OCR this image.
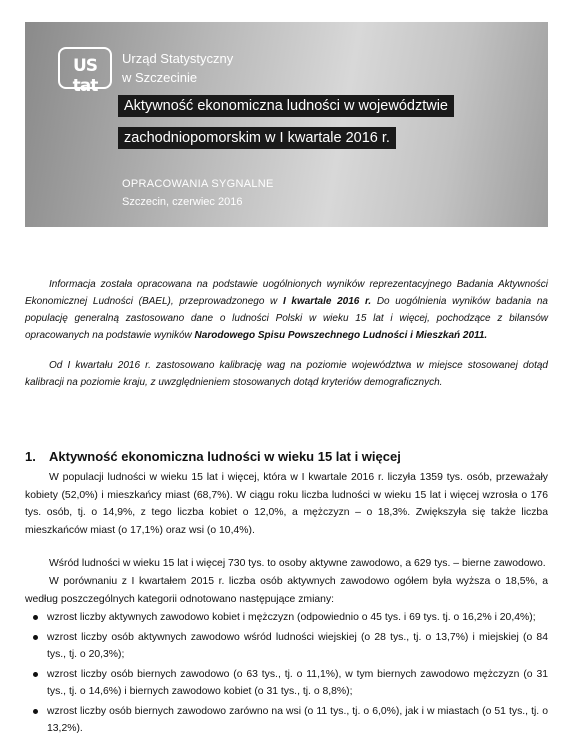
US tat
Urząd Statystyczny
w Szczecinie
Aktywność ekonomiczna ludności w województwie
zachodniopomorskim w I kwartale 2016 r.
OPRACOWANIA SYGNALNE
Szczecin, czerwiec 2016
Informacja została opracowana na podstawie uogólnionych wyników reprezentacyjnego Badania Aktywności Ekonomicznej Ludności (BAEL), przeprowadzonego w I kwartale 2016 r. Do uogólnienia wyników badania na populację generalną zastosowano dane o ludności Polski w wieku 15 lat i więcej, pochodzące z bilansów opracowanych na podstawie wyników Narodowego Spisu Powszechnego Ludności i Mieszkań 2011.
Od I kwartału 2016 r. zastosowano kalibrację wag na poziomie województwa w miejsce stosowanej dotąd kalibracji na poziomie kraju, z uwzględnieniem stosowanych dotąd kryteriów demograficznych.
1. Aktywność ekonomiczna ludności w wieku 15 lat i więcej
W populacji ludności w wieku 15 lat i więcej, która w I kwartale 2016 r. liczyła 1359 tys. osób, przeważały kobiety (52,0%) i mieszkańcy miast (68,7%). W ciągu roku liczba ludności w wieku 15 lat i więcej wzrosła o 176 tys. osób, tj. o 14,9%, z tego liczba kobiet o 12,0%, a mężczyzn – o 18,3%. Zwiększyła się także liczba mieszkańców miast (o 17,1%) oraz wsi (o 10,4%).
Wśród ludności w wieku 15 lat i więcej 730 tys. to osoby aktywne zawodowo, a 629 tys. – bierne zawodowo.
W porównaniu z I kwartałem 2015 r. liczba osób aktywnych zawodowo ogółem była wyższa o 18,5%, a według poszczególnych kategorii odnotowano następujące zmiany:
wzrost liczby aktywnych zawodowo kobiet i mężczyzn (odpowiednio o 45 tys. i 69 tys. tj. o 16,2% i 20,4%);
wzrost liczby osób aktywnych zawodowo wśród ludności wiejskiej (o 28 tys., tj. o 13,7%) i miejskiej (o 84 tys., tj. o 20,3%);
wzrost liczby osób biernych zawodowo (o 63 tys., tj. o 11,1%), w tym biernych zawodowo mężczyzn (o 31 tys., tj. o 14,6%) i biernych zawodowo kobiet (o 31 tys., tj. o 8,8%);
wzrost liczby osób biernych zawodowo zarówno na wsi (o 11 tys., tj. o 6,0%), jak i w miastach (o 51 tys., tj. o 13,2%).
